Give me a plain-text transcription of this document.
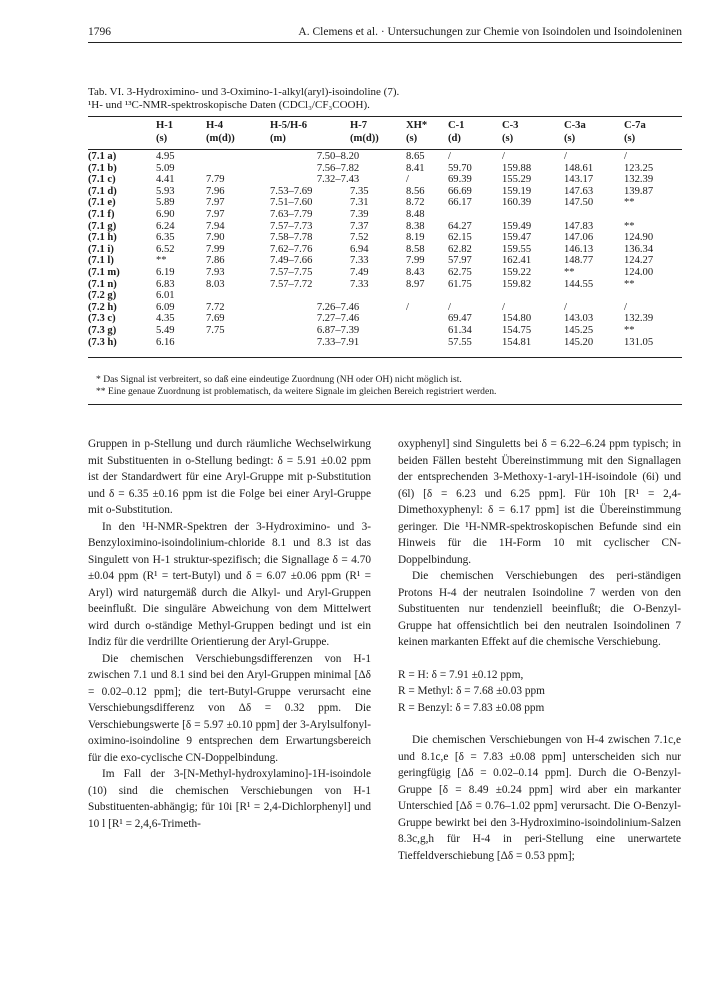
1796	A. Clemens et al. · Untersuchungen zur Chemie von Isoindolen und Isoindoleninen
Tab. VI. 3-Hydroximino- und 3-Oximino-1-alkyl(aryl)-isoindoline (7).
¹H- und ¹³C-NMR-spektroskopische Daten (CDCl₃/CF₃COOH).
	H-1	H-4	H-5/H-6	H-7	XH*	C-1	C-3	C-3a	C-7a
	(s)	(m(d))	(m)	(m(d))	(s)	(d)	(s)	(s)	(s)

(7.1 a)	4.95		7.50–8.20		8.65	/	/	/	/
(7.1 b)	5.09		7.56–7.82		8.41	59.70	159.88	148.61	123.25
(7.1 c)	4.41	7.79	7.32–7.43		/	69.39	155.29	143.17	132.39
(7.1 d)	5.93	7.96	7.53–7.69	7.35	8.56	66.69	159.19	147.63	139.87
(7.1 e)	5.89	7.97	7.51–7.60	7.31	8.72	66.17	160.39	147.50	**
(7.1 f)	6.90	7.97	7.63–7.79	7.39	8.48				
(7.1 g)	6.24	7.94	7.57–7.73	7.37	8.38	64.27	159.49	147.83	**
(7.1 h)	6.35	7.90	7.58–7.78	7.52	8.19	62.15	159.47	147.06	124.90
(7.1 i)	6.52	7.99	7.62–7.76	6.94	8.58	62.82	159.55	146.13	136.34
(7.1 l)	**	7.86	7.49–7.66	7.33	7.99	57.97	162.41	148.77	124.27
(7.1 m)	6.19	7.93	7.57–7.75	7.49	8.43	62.75	159.22	**	124.00
(7.1 n)	6.83	8.03	7.57–7.72	7.33	8.97	61.75	159.82	144.55	**
(7.2 g)	6.01								
(7.2 h)	6.09	7.72	7.26–7.46		/	/	/	/	/
(7.3 c)	4.35	7.69	7.27–7.46			69.47	154.80	143.03	132.39
(7.3 g)	5.49	7.75	6.87–7.39			61.34	154.75	145.25	**
(7.3 h)	6.16		7.33–7.91			57.55	154.81	145.20	131.05
* Das Signal ist verbreitert, so daß eine eindeutige Zuordnung (NH oder OH) nicht möglich ist.
** Eine genaue Zuordnung ist problematisch, da weitere Signale im gleichen Bereich registriert werden.

Gruppen in p-Stellung und durch räumliche Wechselwirkung mit Substituenten in o-Stellung bedingt: δ = 5.91 ±0.02 ppm ist der Standardwert für eine Aryl-Gruppe mit p-Substitution und δ = 6.35 ±0.16 ppm ist die Folge bei einer Aryl-Gruppe mit o-Substitution.

In den ¹H-NMR-Spektren der 3-Hydroximino- und 3-Benzyloximino-isoindolinium-chloride 8.1 und 8.3 ist das Singulett von H-1 struktur-spezifisch; die Signallage δ = 4.70 ±0.04 ppm (R¹ = tert-Butyl) und δ = 6.07 ±0.06 ppm (R¹ = Aryl) wird naturgemäß durch die Alkyl- und Aryl-Gruppen beeinflußt. Die singuläre Abweichung von dem Mittelwert wird durch o-ständige Methyl-Gruppen bedingt und ist ein Indiz für die verdrillte Orientierung der Aryl-Gruppe.

Die chemischen Verschiebungsdifferenzen von H-1 zwischen 7.1 und 8.1 sind bei den Aryl-Gruppen minimal [Δδ = 0.02–0.12 ppm]; die tert-Butyl-Gruppe verursacht eine Verschiebungsdifferenz von Δδ = 0.32 ppm. Die Verschiebungswerte [δ = 5.97 ±0.10 ppm] der 3-Arylsulfonyl-oximino-isoindoline 9 entsprechen dem Erwartungsbereich für die exo-cyclische CN-Doppelbindung.

Im Fall der 3-[N-Methyl-hydroxylamino]-1H-isoindole (10) sind die chemischen Verschiebungen von H-1 Substituenten-abhängig; für 10i [R¹ = 2,4-Dichlorphenyl] und 10 l [R¹ = 2,4,6-Trimeth-

oxyphenyl] sind Singuletts bei δ = 6.22–6.24 ppm typisch; in beiden Fällen besteht Übereinstimmung mit den Signallagen der entsprechenden 3-Methoxy-1-aryl-1H-isoindole (6i) und (6l) [δ = 6.23 und 6.25 ppm]. Für 10h [R¹ = 2,4-Dimethoxyphenyl: δ = 6.17 ppm] ist die Übereinstimmung geringer. Die ¹H-NMR-spektroskopischen Befunde sind ein Hinweis für die 1H-Form 10 mit cyclischer CN-Doppelbindung.

Die chemischen Verschiebungen des peri-ständigen Protons H-4 der neutralen Isoindoline 7 werden von den Substituenten nur tendenziell beeinflußt; die O-Benzyl-Gruppe hat offensichtlich bei den neutralen Isoindolinen 7 keinen markanten Effekt auf die chemische Verschiebung.

R = H: δ = 7.91 ±0.12 ppm,

R = Methyl: δ = 7.68 ±0.03 ppm

R = Benzyl: δ = 7.83 ±0.08 ppm

Die chemischen Verschiebungen von H-4 zwischen 7.1c,e und 8.1c,e [δ = 7.83 ±0.08 ppm] unterscheiden sich nur geringfügig [Δδ = 0.02–0.14 ppm]. Durch die O-Benzyl-Gruppe [δ = 8.49 ±0.24 ppm] wird aber ein markanter Unterschied [Δδ = 0.76–1.02 ppm] verursacht. Die O-Benzyl-Gruppe bewirkt bei den 3-Hydroximino-isoindolinium-Salzen 8.3c,g,h für H-4 in peri-Stellung eine unerwartete Tieffeldverschiebung [Δδ = 0.53 ppm];
